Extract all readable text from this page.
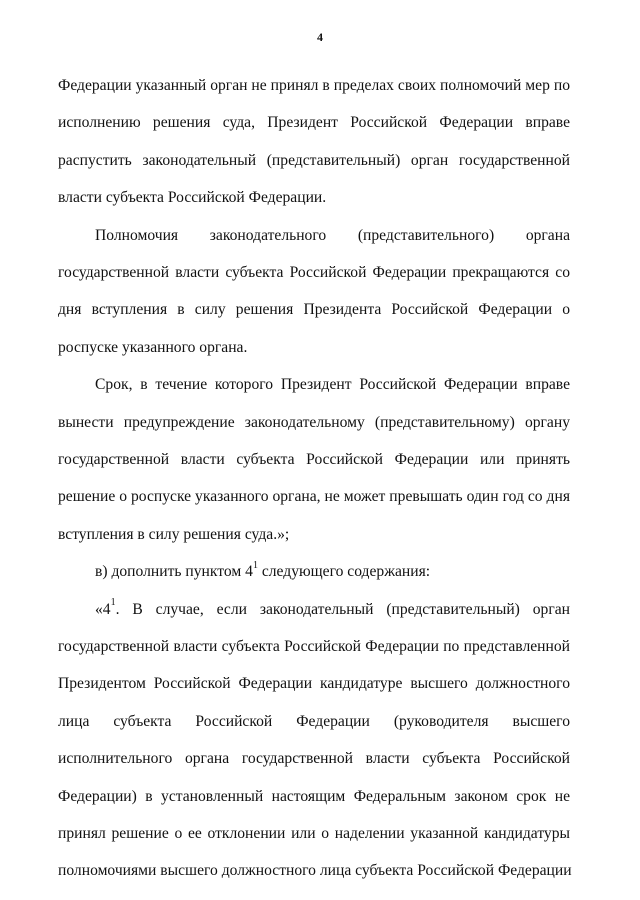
4
Федерации указанный орган не принял в пределах своих полномочий мер по
исполнению решения суда, Президент Российской Федерации вправе
распустить законодательный (представительный) орган государственной
власти субъекта Российской Федерации.
Полномочия законодательного (представительного) органа
государственной власти субъекта Российской Федерации прекращаются со
дня вступления в силу решения Президента Российской Федерации о
роспуске указанного органа.
Срок, в течение которого Президент Российской Федерации вправе
вынести предупреждение законодательному (представительному) органу
государственной власти субъекта Российской Федерации или принять
решение о роспуске указанного органа, не может превышать один год со дня
вступления в силу решения суда.»;
в) дополнить пунктом $4^1$ следующего содержания:
«$4^1$. В случае, если законодательный (представительный) орган
государственной власти субъекта Российской Федерации по представленной
Президентом Российской Федерации кандидатуре высшего должностного
лица субъекта Российской Федерации (руководителя высшего
исполнительного органа государственной власти субъекта Российской
Федерации) в установленный настоящим Федеральным законом срок не
принял решение о ее отклонении или о наделении указанной кандидатуры
полномочиями высшего должностного лица субъекта Российской Федерации
